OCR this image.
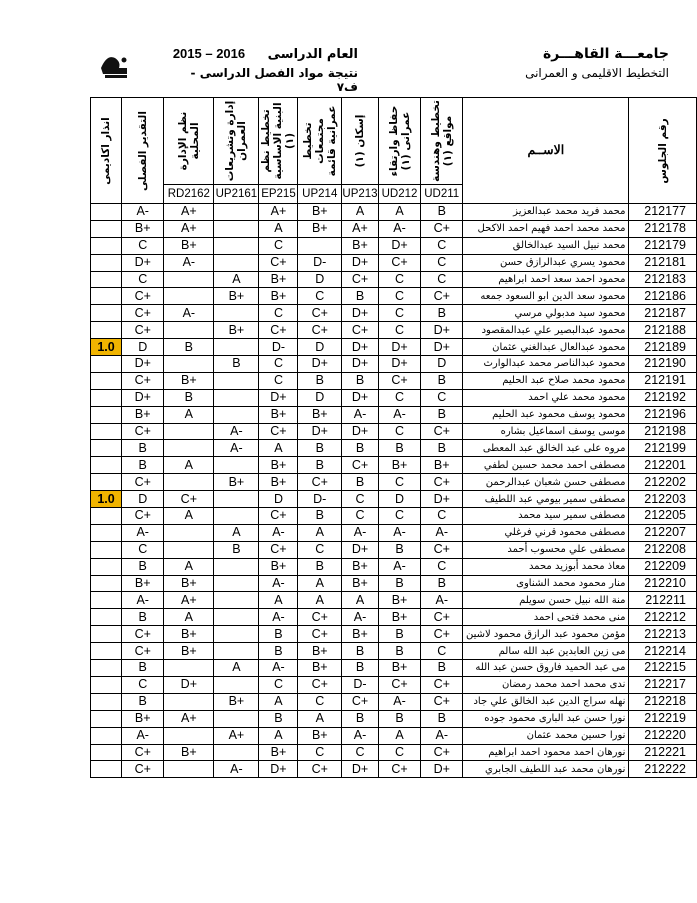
جامعـــة القاهـــرة
التخطيط الاقليمى و العمرانى
العام الدراسى 2016 – 2015
نتيجة مواد الفصل الدراسى - ف٧
انذار اكاديمى	التقدير الفصلى	نظم الإدارة المحلية	إدارة وتشريعات العمران	تخطيط نظم البنية الاساسية (١)	تخطيط مجتمعات عمرانية قائمة	إسكان (١)	حفاظ وارتقاء عمرانى (١)	تخطيط وهندسة مواقع (١)	الاســم	رقم الجلوس

		RD2162	UP2161	EP215	UP214	UP213	UD212	UD211		
	A-	A+		A+	B+	A	A	B	محمد فريد محمد عبدالعزيز	212177
	B+	A+		A	B+	A+	A-	C+	محمد محمد احمد فهيم احمد الاكحل	212178
	C	B+		C		B+	D+	C	محمد نبيل السيد عبدالخالق	212179
	D+	A-		C+	D-	D+	C+	C	محمود يسري عبدالرازق حسن	212181
	C		A	B+	D	C+	C	C	محمود احمد سعد احمد ابراهيم	212183
	C+		B+	B+	C	B	C	C+	محمود سعد الدين ابو السعود جمعه	212186
	C+	A-		C	C+	D+	C	B	محمود سيد مدبولي مرسي	212187
	C+		B+	C+	C+	C+	C	D+	محمود عبدالبصير علي عبدالمقصود	212188
1.0	D	B		D-	D	D+	D+	D+	محمود عبدالعال عبدالغني عثمان	212189
	D+		B	C	D+	D+	D+	D	محمود عبدالناصر محمد عبدالوارث	212190
	C+	B+		C	B	B	C+	B	محمود محمد صلاح عبد الحليم	212191
	D+	B		D+	D	D+	C	C	محمود محمد علي احمد	212192
	B+	A		B+	B+	A-	A-	B	محمود يوسف محمود عبد الحليم	212196
	C+		A-	C+	D+	D+	C	C+	موسى يوسف اسماعيل بشاره	212198
	B		A-	A	B	B	B	B	مروه على عبد الخالق عبد المعطى	212199
	B	A		B+	B	C+	B+	B+	مصطفى احمد محمد حسين لطفي	212201
	C+		B+	B+	C+	B	C	C+	مصطفى حسن شعبان عبدالرحمن	212202
1.0	D	C+		D	D-	C	D	D+	مصطفى سمير بيومي عبد اللطيف	212203
	C+	A		C+	B	C	C	C	مصطفى سمير سيد محمد	212205
	A-		A	A-	A	A-	A-	A-	مصطفى محمود قرني فرغلي	212207
	C		B	C+	C	D+	B	C+	مصطفى علي محسوب أحمد	212208
	B	A		B+	B	B+	A-	C	معاذ محمد أبوزيد محمد	212209
	B+	B+		A-	A	B+	B	B	منار محمود محمد الشناوى	212210
	A-	A+		A	A	A	B+	A-	منة الله نبيل حسن سويلم	212211
	B	A		A-	C+	A-	B+	C+	منى محمد فتحى احمد	212212
	C+	B+		B	C+	B+	B	C+	مؤمن محمود عبد الرازق محمود لاشين	212213
	C+	B+		B	B+	B	B	C	مى زين العابدين عبد الله سالم	212214
	B		A	A-	B+	B	B+	B	مى عبد الحميد فاروق حسن عبد الله	212215
	C	D+		C	C+	D-	C+	C+	ندى محمد احمد محمد رمضان	212217
	B		B+	A	C	C+	A-	C+	نهله سراج الدين عبد الخالق علي جاد	212218
	B+	A+		B	A	B	B	B	نورا حسن عبد البارى محمود جوده	212219
	A-		A+	A	B+	A-	A	A-	نورا حسين محمد عثمان	212220
	C+	B+		B+	C	C	C	C+	نورهان احمد محمود احمد ابراهيم	212221
	C+		A-	D+	C+	D+	C+	D+	نورهان محمد عبد اللطيف الجابري	212222
